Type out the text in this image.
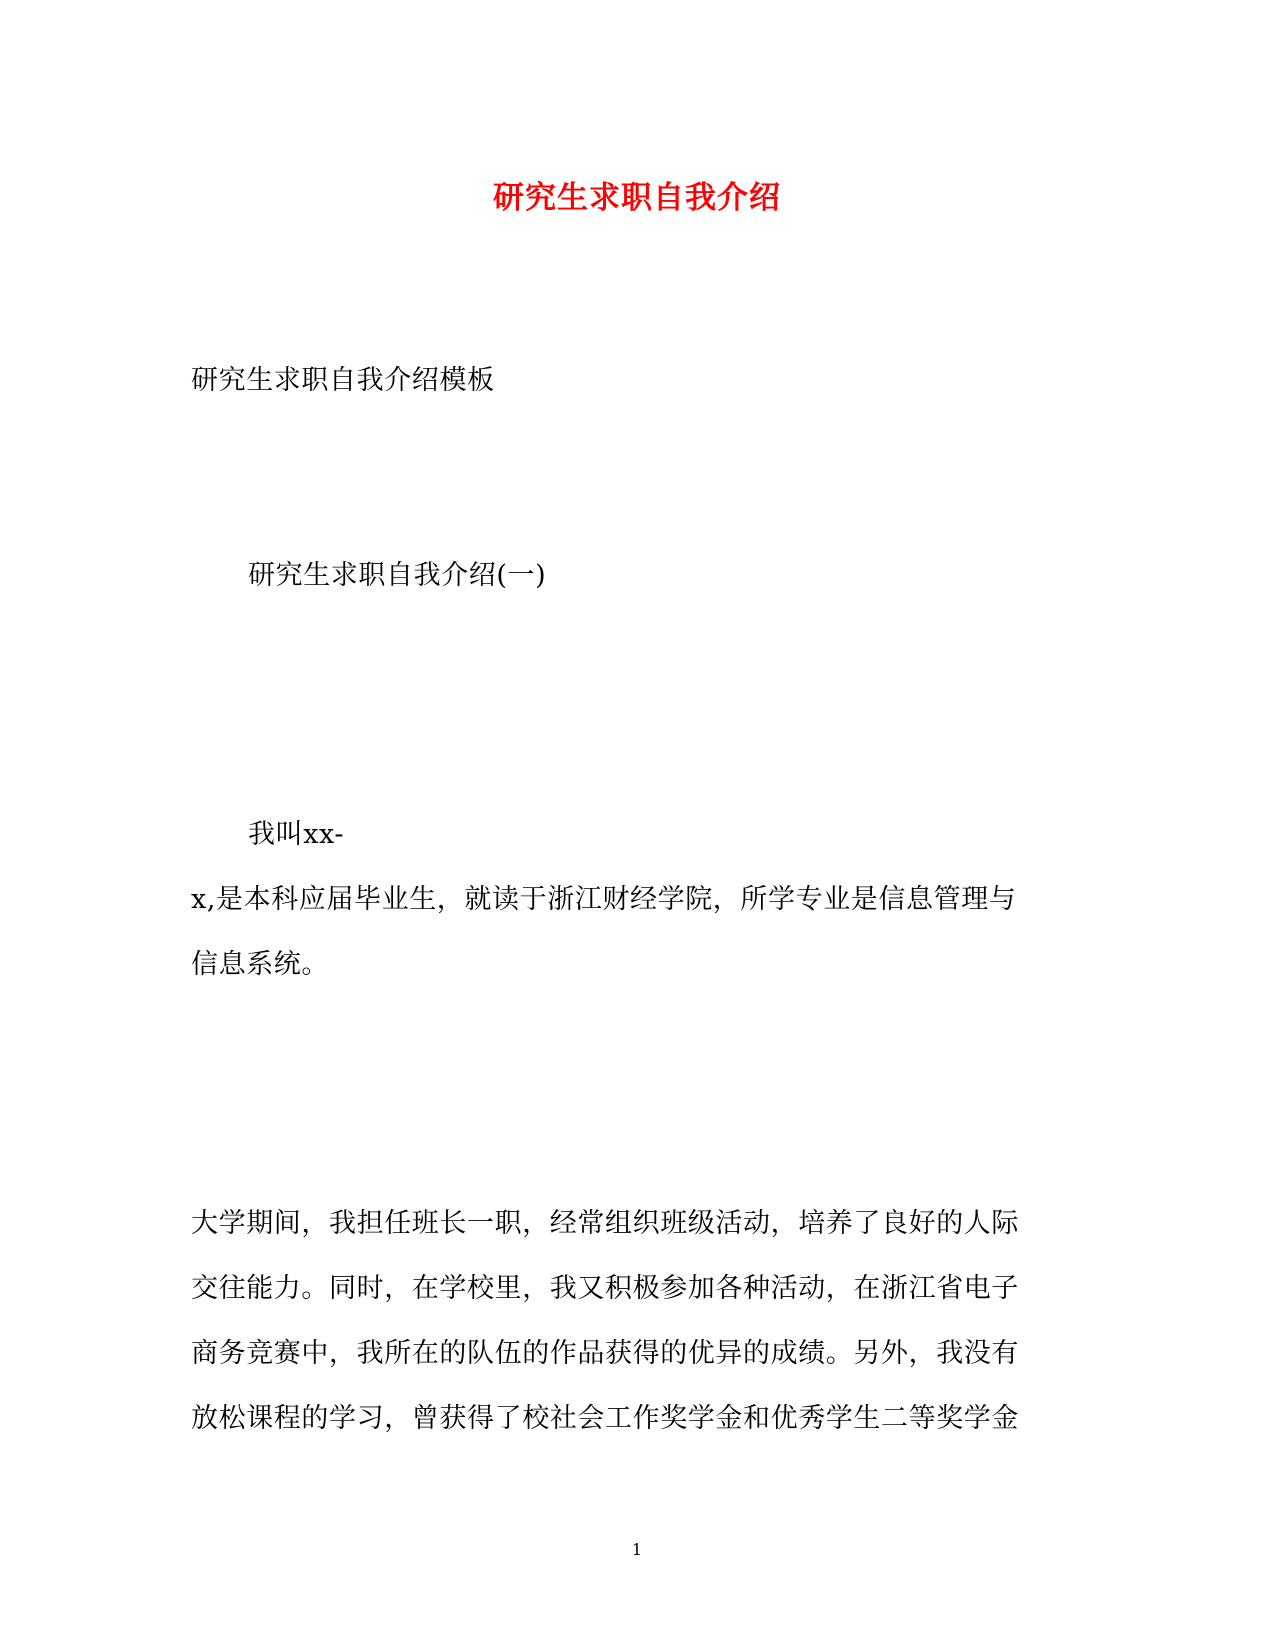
研究生求职自我介绍
研究生求职自我介绍模板
研究生求职自我介绍(一)
我叫xx-
x,是本科应届毕业生，就读于浙江财经学院，所学专业是信息管理与
信息系统。
大学期间，我担任班长一职，经常组织班级活动，培养了良好的人际
交往能力。同时，在学校里，我又积极参加各种活动，在浙江省电子
商务竞赛中，我所在的队伍的作品获得的优异的成绩。另外，我没有
放松课程的学习，曾获得了校社会工作奖学金和优秀学生二等奖学金
1
